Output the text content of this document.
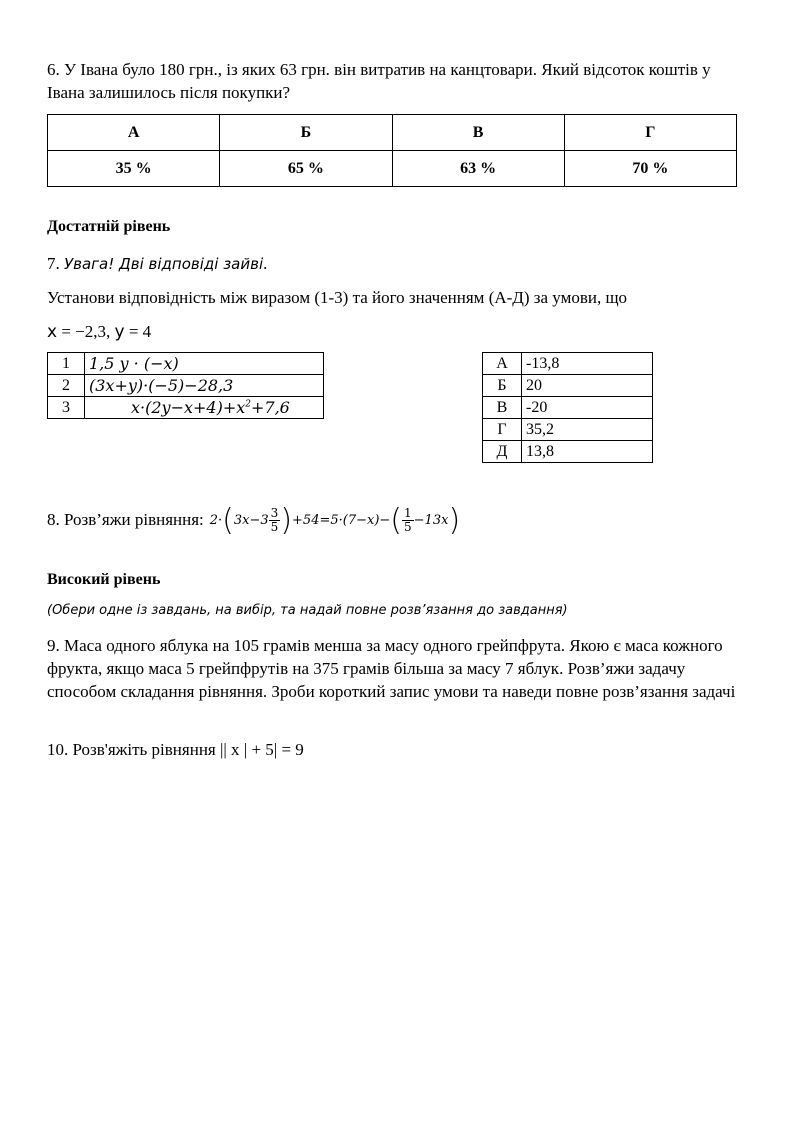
6. У Івана було 180 грн., із яких 63 грн. він витратив на канцтовари. Який відсоток коштів у Івана залишилось після покупки?
А	Б	В	Г
35 %	65 %	63 %	70 %
Достатній рівень
7. Увага! Дві відповіді зайві.
Установи відповідність між виразом (1-3) та його значенням (А-Д) за умови, що
х = −2,3, у = 4
1	1,5 y · (−x)
2	(3x+y)·(−5)−28,3
3	$x\cdot(2y-x+4)+x^2+7,6$
А	-13,8
Б	20
В	-20
Г	35,2
Д	13,8
8. Розв’яжи рівняння: $2\cdot(3x-3 \frac{3}{5} )+54=5\cdot(7-x)-( \frac{1}{5} -13x)$
Високий рівень
(Обери одне із завдань, на вибір, та надай повне розв’язання до завдання)
9. Маса одного яблука на 105 грамів менша за масу одного грейпфрута. Якою є маса кожного фрукта, якщо маса 5 грейпфрутів на 375 грамів більша за масу 7 яблук. Розв’яжи задачу способом складання рівняння. Зроби короткий запис умови та наведи повне розв’язання задачі
10. Розв'яжіть рівняння || x | + 5| = 9
